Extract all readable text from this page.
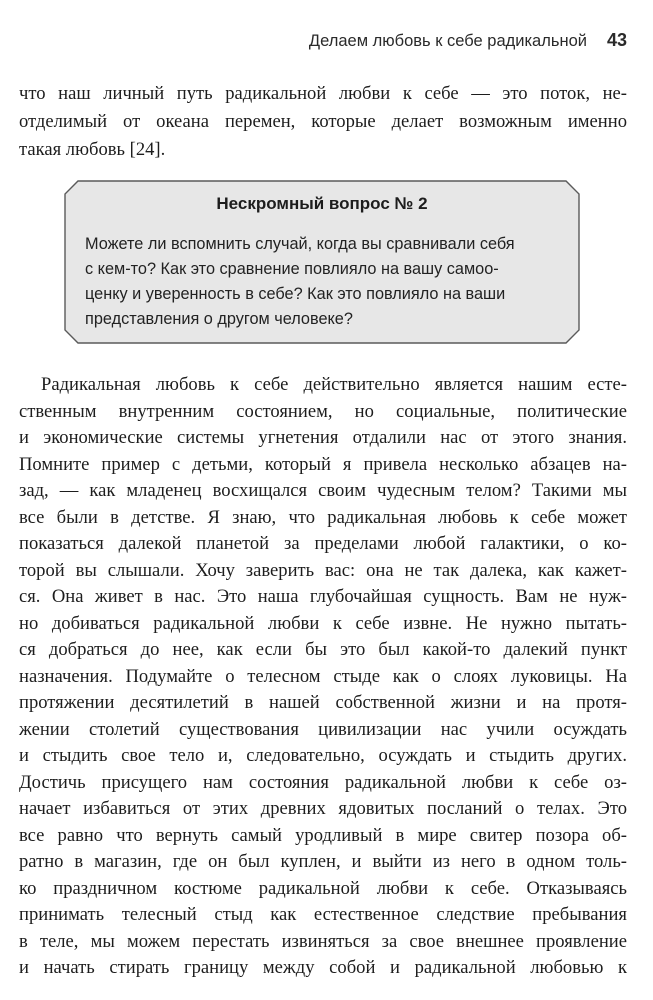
Делаем любовь к себе радикальной 43
что наш личный путь радикальной любви к себе — это поток, не-
отделимый от океана перемен, которые делает возможным именно
такая любовь [24].
Нескромный вопрос № 2
Можете ли вспомнить случай, когда вы сравнивали себя
с кем-то? Как это сравнение повлияло на вашу самоо-
ценку и уверенность в себе? Как это повлияло на ваши
представления о другом человеке?
Радикальная любовь к себе действительно является нашим есте-
ственным внутренним состоянием, но социальные, политические
и экономические системы угнетения отдалили нас от этого знания.
Помните пример с детьми, который я привела несколько абзацев на-
зад, — как младенец восхищался своим чудесным телом? Такими мы
все были в детстве. Я знаю, что радикальная любовь к себе может
показаться далекой планетой за пределами любой галактики, о ко-
торой вы слышали. Хочу заверить вас: она не так далека, как кажет-
ся. Она живет в нас. Это наша глубочайшая сущность. Вам не нуж-
но добиваться радикальной любви к себе извне. Не нужно пытать-
ся добраться до нее, как если бы это был какой-то далекий пункт
назначения. Подумайте о телесном стыде как о слоях луковицы. На
протяжении десятилетий в нашей собственной жизни и на протя-
жении столетий существования цивилизации нас учили осуждать
и стыдить свое тело и, следовательно, осуждать и стыдить других.
Достичь присущего нам состояния радикальной любви к себе оз-
начает избавиться от этих древних ядовитых посланий о телах. Это
все равно что вернуть самый уродливый в мире свитер позора об-
ратно в магазин, где он был куплен, и выйти из него в одном толь-
ко праздничном костюме радикальной любви к себе. Отказываясь
принимать телесный стыд как естественное следствие пребывания
в теле, мы можем перестать извиняться за свое внешнее проявление
и начать стирать границу между собой и радикальной любовью к
